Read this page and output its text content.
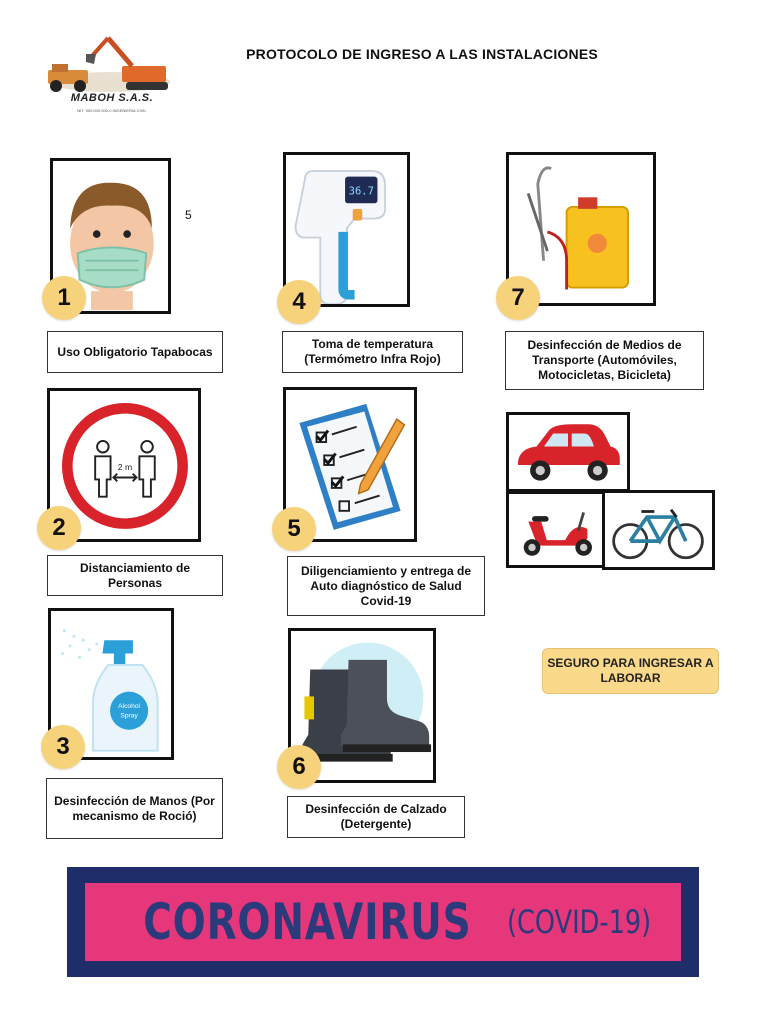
MABOH S.A.S.
NIT. 900.000.000-0 INGENIERIA CIVIL
PROTOCOLO DE INGRESO A LAS INSTALACIONES
1
5
Uso Obligatorio Tapabocas
2 m
2
Distanciamiento de Personas
Alcohol
Spray
3
Desinfección de Manos (Por mecanismo de Roció)
36.7
4
Toma de temperatura (Termómetro Infra Rojo)
5
Diligenciamiento y entrega de Auto diagnóstico de Salud Covid-19
6
Desinfección de Calzado (Detergente)
7
Desinfección de Medios de Transporte (Automóviles, Motocicletas, Bicicleta)
SEGURO PARA INGRESAR A LABORAR
CORONAVIRUS (COVID-19)
